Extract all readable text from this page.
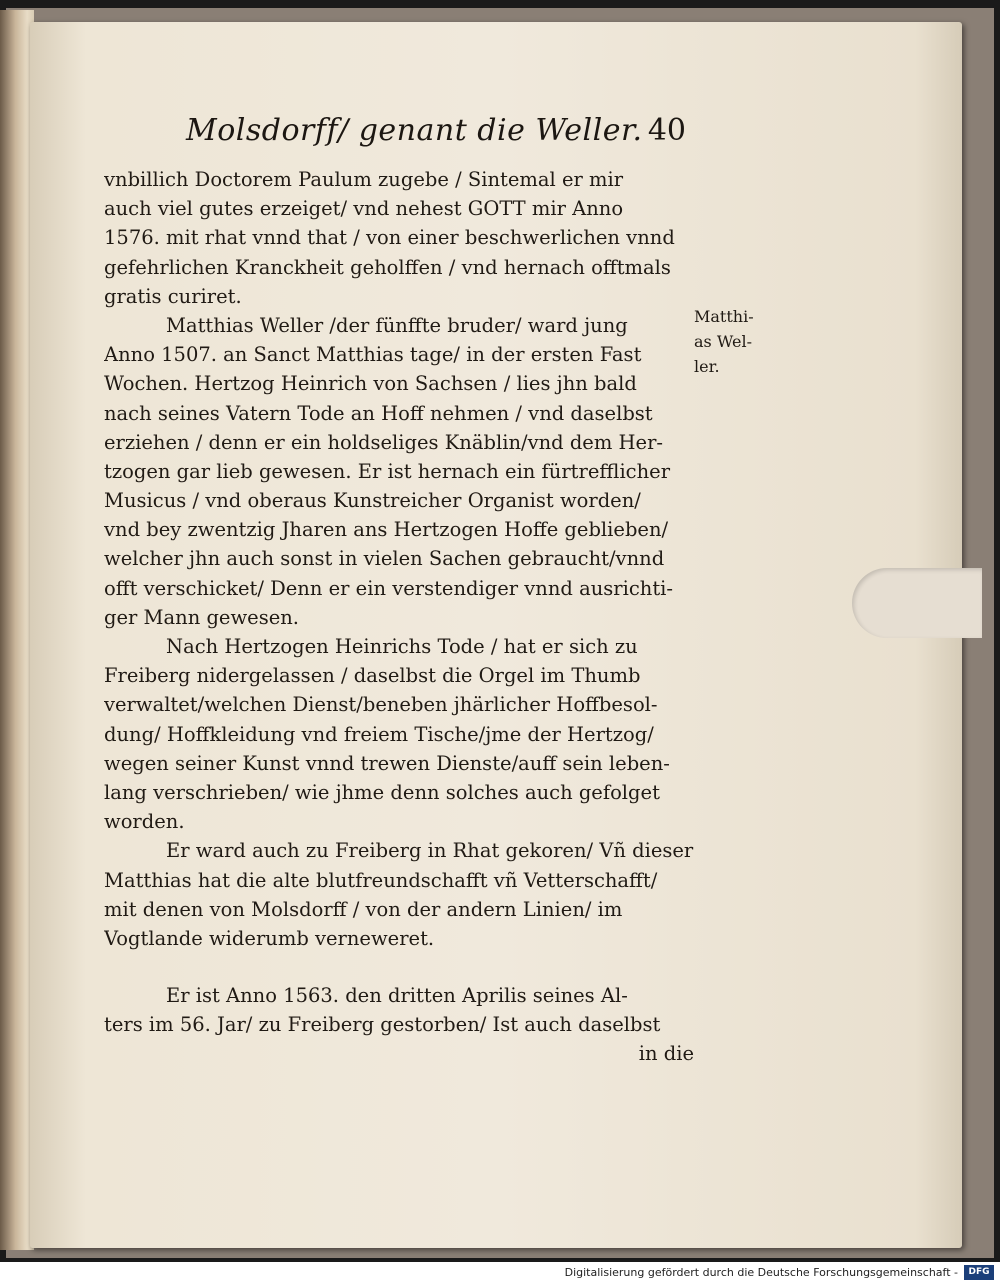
Molsdorff/ genant die Weller. 40
vnbillich Doctorem Paulum zugebe / Sintemal er mir
auch viel gutes erzeiget/ vnd nehest GOTT mir Anno
1576. mit rhat vnnd that / von einer beschwerlichen vnnd
gefehrlichen Kranckheit geholffen / vnd hernach offtmals
gratis curiret.
Matthias Weller /der fünffte bruder/ ward jung
Anno 1507. an Sanct Matthias tage/ in der ersten Fast
Wochen. Hertzog Heinrich von Sachsen / lies jhn bald
nach seines Vatern Tode an Hoff nehmen / vnd daselbst
erziehen / denn er ein holdseliges Knäblin/vnd dem Her-
tzogen gar lieb gewesen. Er ist hernach ein fürtrefflicher
Musicus / vnd oberaus Kunstreicher Organist worden/
vnd bey zwentzig Jharen ans Hertzogen Hoffe geblieben/
welcher jhn auch sonst in vielen Sachen gebraucht/vnnd
offt verschicket/ Denn er ein verstendiger vnnd ausrichti-
ger Mann gewesen.
Nach Hertzogen Heinrichs Tode / hat er sich zu
Freiberg nidergelassen / daselbst die Orgel im Thumb
verwaltet/welchen Dienst/beneben jhärlicher Hoffbesol-
dung/ Hoffkleidung vnd freiem Tische/jme der Hertzog/
wegen seiner Kunst vnnd trewen Dienste/auff sein leben-
lang verschrieben/ wie jhme denn solches auch gefolget
worden.
Er ward auch zu Freiberg in Rhat gekoren/ Vñ dieser
Matthias hat die alte blutfreundschafft vñ Vetterschafft/
mit denen von Molsdorff / von der andern Linien/ im
Vogtlande widerumb verneweret.
Er ist Anno 1563. den dritten Aprilis seines Al-
ters im 56. Jar/ zu Freiberg gestorben/ Ist auch daselbst
in die
Matthi-
as Wel-
ler.
Digitalisierung gefördert durch die Deutsche Forschungsgemeinschaft -	DFG
